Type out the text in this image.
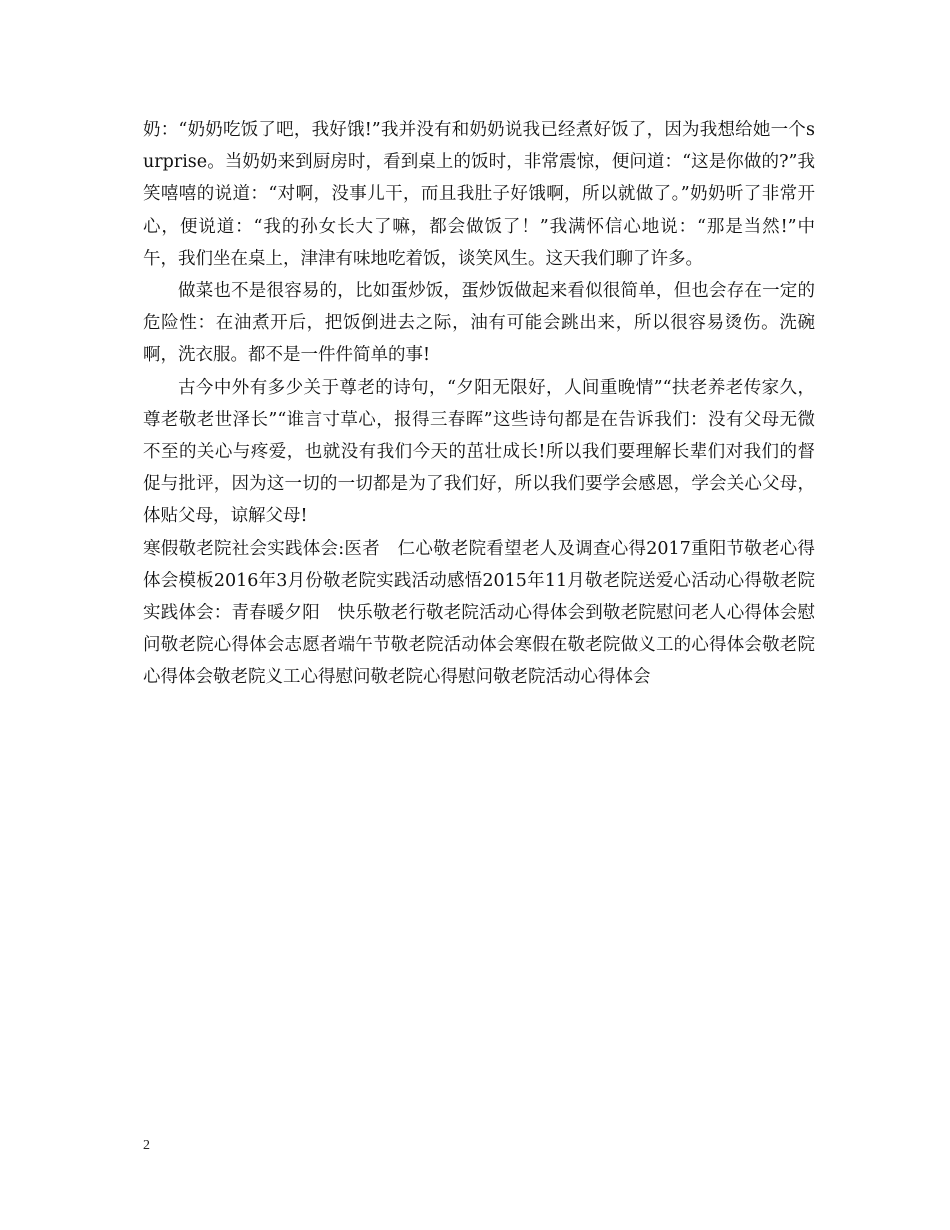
奶：“奶奶吃饭了吧，我好饿!”我并没有和奶奶说我已经煮好饭了，因为我想给她一个surprise。当奶奶来到厨房时，看到桌上的饭时，非常震惊，便问道：“这是你做的?”我笑嘻嘻的说道：“对啊，没事儿干，而且我肚子好饿啊，所以就做了。”奶奶听了非常开心，便说道：“我的孙女长大了嘛，都会做饭了！”我满怀信心地说：“那是当然!”中午，我们坐在桌上，津津有味地吃着饭，谈笑风生。这天我们聊了许多。

做菜也不是很容易的，比如蛋炒饭，蛋炒饭做起来看似很简单，但也会存在一定的危险性：在油煮开后，把饭倒进去之际，油有可能会跳出来，所以很容易烫伤。洗碗啊，洗衣服。都不是一件件简单的事!

古今中外有多少关于尊老的诗句，“夕阳无限好，人间重晚情”“扶老养老传家久，尊老敬老世泽长”“谁言寸草心，报得三春晖”这些诗句都是在告诉我们：没有父母无微不至的关心与疼爱，也就没有我们今天的茁壮成长!所以我们要理解长辈们对我们的督促与批评，因为这一切的一切都是为了我们好，所以我们要学会感恩，学会关心父母，体贴父母，谅解父母!

寒假敬老院社会实践体会:医者　仁心敬老院看望老人及调查心得2017重阳节敬老心得体会模板2016年3月份敬老院实践活动感悟2015年11月敬老院送爱心活动心得敬老院实践体会：青春暖夕阳　快乐敬老行敬老院活动心得体会到敬老院慰问老人心得体会慰问敬老院心得体会志愿者端午节敬老院活动体会寒假在敬老院做义工的心得体会敬老院心得体会敬老院义工心得慰问敬老院心得慰问敬老院活动心得体会

2
